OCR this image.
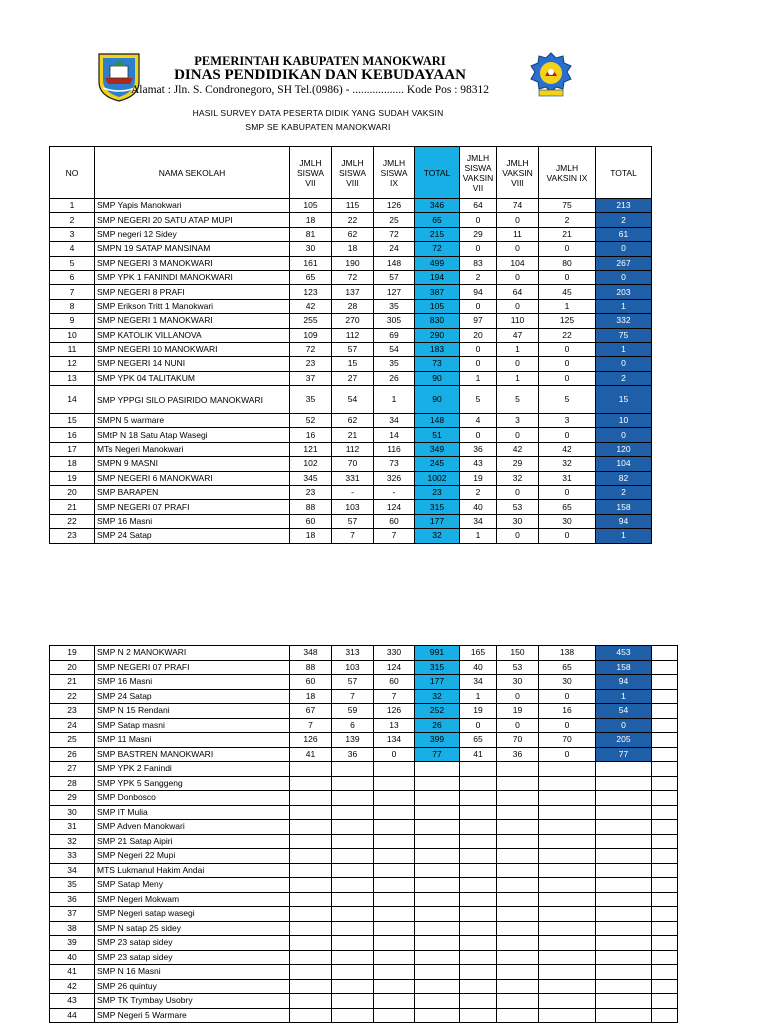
PEMERINTAH KABUPATEN MANOKWARI
DINAS PENDIDIKAN DAN KEBUDAYAAN
Alamat : Jln. S. Condronegoro, SH Tel.(0986) - .................. Kode Pos : 98312
HASIL SURVEY DATA PESERTA DIDIK YANG SUDAH VAKSIN
SMP SE KABUPATEN MANOKWARI
NO	NAMA SEKOLAH	JMLH SISWA VII	JMLH SISWA VIII	JMLH SISWA IX	TOTAL	JMLH SISWA VAKSIN VII	JMLH VAKSIN VIII	JMLH VAKSIN IX	TOTAL
1	SMP Yapis Manokwari	105	115	126	346	64	74	75	213
2	SMP NEGERI 20 SATU ATAP MUPI	18	22	25	65	0	0	2	2
3	SMP negeri 12 Sidey	81	62	72	215	29	11	21	61
4	SMPN 19 SATAP MANSINAM	30	18	24	72	0	0	0	0
5	SMP NEGERI 3 MANOKWARI	161	190	148	499	83	104	80	267
6	SMP YPK 1 FANINDI MANOKWARI	65	72	57	194	2	0	0	0
7	SMP NEGERI 8 PRAFI	123	137	127	387	94	64	45	203
8	SMP Erikson Tritt 1 Manokwari	42	28	35	105	0	0	1	1
9	SMP NEGERI 1 MANOKWARI	255	270	305	830	97	110	125	332
10	SMP KATOLIK VILLANOVA	109	112	69	290	20	47	22	75
11	SMP NEGERI 10 MANOKWARI	72	57	54	183	0	1	0	1
12	SMP NEGERI 14 NUNI	23	15	35	73	0	0	0	0
13	SMP YPK 04 TALITAKUM	37	27	26	90	1	1	0	2
14	SMP YPPGI SILO PASIRIDO MANOKWARI	35	54	1	90	5	5	5	15
15	SMPN 5 warmare	52	62	34	148	4	3	3	10
16	SMtP N 18 Satu Atap Wasegi	16	21	14	51	0	0	0	0
17	MTs Negeri Manokwari	121	112	116	349	36	42	42	120
18	SMPN 9 MASNI	102	70	73	245	43	29	32	104
19	SMP NEGERI 6 MANOKWARI	345	331	326	1002	19	32	31	82
20	SMP BARAPEN	23	-	-	23	2	0	0	2
21	SMP NEGERI 07 PRAFI	88	103	124	315	40	53	65	158
22	SMP 16 Masni	60	57	60	177	34	30	30	94
23	SMP 24 Satap	18	7	7	32	1	0	0	1
19	SMP N 2 MANOKWARI	348	313	330	991	165	150	138	453	
20	SMP NEGERI 07 PRAFI	88	103	124	315	40	53	65	158	
21	SMP 16 Masni	60	57	60	177	34	30	30	94	
22	SMP 24 Satap	18	7	7	32	1	0	0	1	
23	SMP N 15 Rendani	67	59	126	252	19	19	16	54	
24	SMP Satap masni	7	6	13	26	0	0	0	0	
25	SMP 11 Masni	126	139	134	399	65	70	70	205	
26	SMP BASTREN MANOKWARI	41	36	0	77	41	36	0	77	
27	SMP YPK 2 Fanindi									
28	SMP YPK 5 Sanggeng									
29	SMP Donbosco									
30	SMP IT Mulia									
31	SMP Adven Manokwari									
32	SMP 21 Satap Aipiri									
33	SMP Negeri 22 Mupi									
34	MTS Lukmanul Hakim Andai									
35	SMP Satap Meny									
36	SMP Negeri Mokwam									
37	SMP Negeri satap wasegi									
38	SMP N satap 25 sidey									
39	SMP 23 satap sidey									
40	SMP 23 satap sidey									
41	SMP N 16 Masni									
42	SMP 26 quintuy									
43	SMP TK Trymbay Usobry									
44	SMP Negeri 5 Warmare									
